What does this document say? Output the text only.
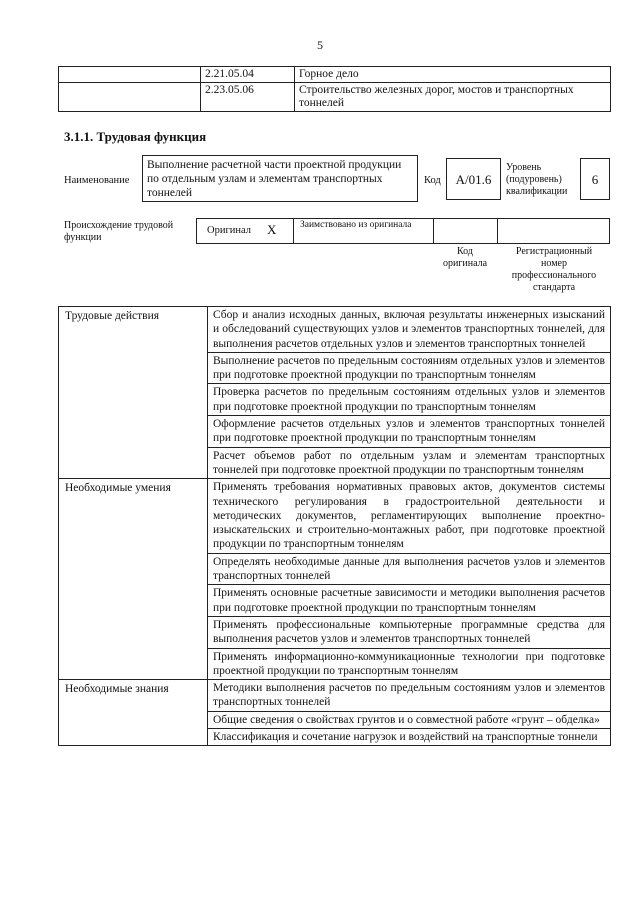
5
	2.21.05.04	Горное дело
	2.23.05.06	Строительство железных дорог, мостов и транспортных тоннелей
3.1.1. Трудовая функция
Наименование
Выполнение расчетной части проектной продукции по отдельным узлам и элементам транспортных тоннелей
Код	A/01.6
Уровень (подуровень) квалификации
6
Происхождение трудовой функции
Оригинал X Заимствовано из оригинала
Код оригинала
Регистрационный номер профессионального стандарта
Трудовые действия	Сбор и анализ исходных данных, включая результаты инженерных изысканий и обследований существующих узлов и элементов транспортных тоннелей, для выполнения расчетов отдельных узлов и элементов транспортных тоннелей
	Выполнение расчетов по предельным состояниям отдельных узлов и элементов при подготовке проектной продукции по транспортным тоннелям
	Проверка расчетов по предельным состояниям отдельных узлов и элементов при подготовке проектной продукции по транспортным тоннелям
	Оформление расчетов отдельных узлов и элементов транспортных тоннелей при подготовке проектной продукции по транспортным тоннелям
	Расчет объемов работ по отдельным узлам и элементам транспортных тоннелей при подготовке проектной продукции по транспортным тоннелям
Необходимые умения	Применять требования нормативных правовых актов, документов системы технического регулирования в градостроительной деятельности и методических документов, регламентирующих выполнение проектно-изыскательских и строительно-монтажных работ, при подготовке проектной продукции по транспортным тоннелям
	Определять необходимые данные для выполнения расчетов узлов и элементов транспортных тоннелей
	Применять основные расчетные зависимости и методики выполнения расчетов при подготовке проектной продукции по транспортным тоннелям
	Применять профессиональные компьютерные программные средства для выполнения расчетов узлов и элементов транспортных тоннелей
	Применять информационно-коммуникационные технологии при подготовке проектной продукции по транспортным тоннелям
Необходимые знания	Методики выполнения расчетов по предельным состояниям узлов и элементов транспортных тоннелей
	Общие сведения о свойствах грунтов и о совместной работе «грунт – обделка»
	Классификация и сочетание нагрузок и воздействий на транспортные тоннели
